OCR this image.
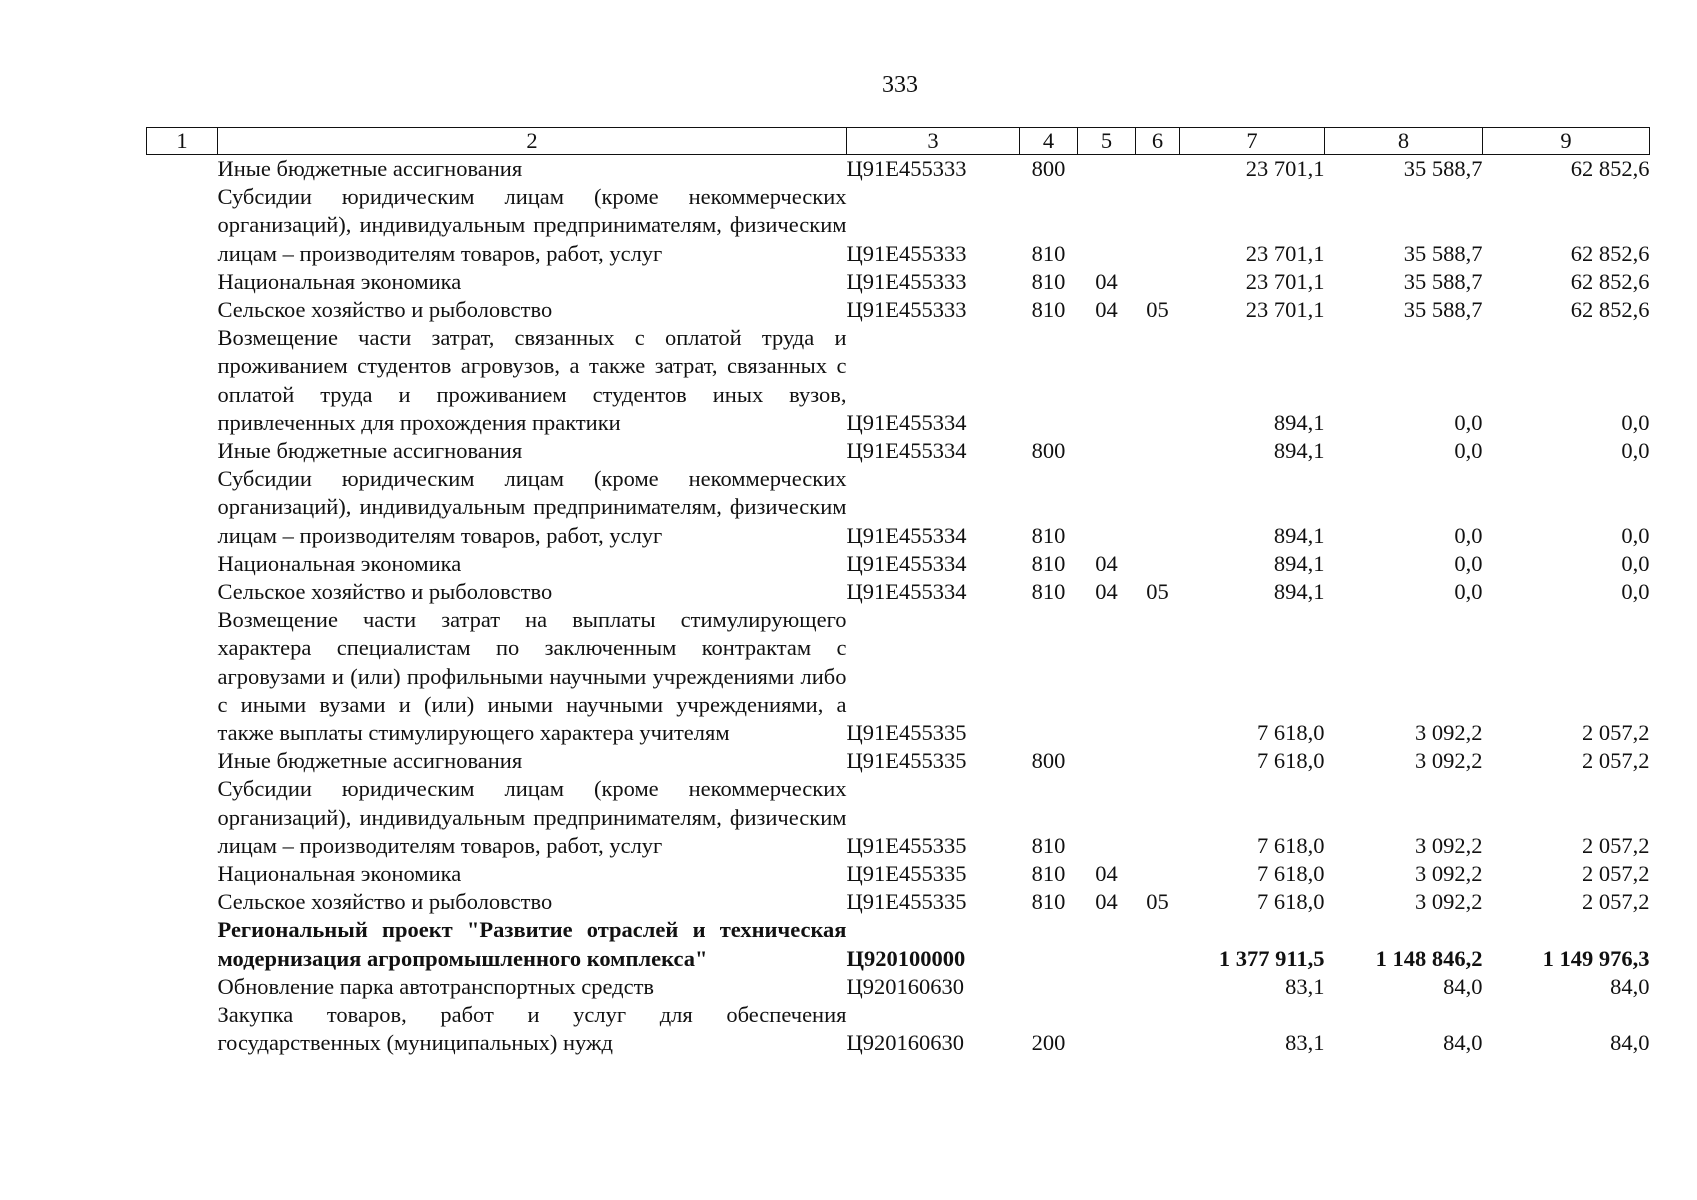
333
1	2	3	4	5	6	7	8	9
	Иные бюджетные ассигнования	Ц91Е455333	800			23 701,1	35 588,7	62 852,6
	Субсидии юридическим лицам (кроме некоммерческих организаций), индивидуальным предпринимателям, физическим лицам – производителям товаров, работ, услуг	Ц91Е455333	810			23 701,1	35 588,7	62 852,6
	Национальная экономика	Ц91Е455333	810	04		23 701,1	35 588,7	62 852,6
	Сельское хозяйство и рыболовство	Ц91Е455333	810	04	05	23 701,1	35 588,7	62 852,6
	Возмещение части затрат, связанных с оплатой труда и проживанием студентов агровузов, а также затрат, связанных с оплатой труда и проживанием студентов иных вузов, привлеченных для прохождения практики	Ц91Е455334				894,1	0,0	0,0
	Иные бюджетные ассигнования	Ц91Е455334	800			894,1	0,0	0,0
	Субсидии юридическим лицам (кроме некоммерческих организаций), индивидуальным предпринимателям, физическим лицам – производителям товаров, работ, услуг	Ц91Е455334	810			894,1	0,0	0,0
	Национальная экономика	Ц91Е455334	810	04		894,1	0,0	0,0
	Сельское хозяйство и рыболовство	Ц91Е455334	810	04	05	894,1	0,0	0,0
	Возмещение части затрат на выплаты стимулирующего характера специалистам по заключенным контрактам с агровузами и (или) профильными научными учреждениями либо с иными вузами и (или) иными научными учреждениями, а также выплаты стимулирующего характера учителям	Ц91Е455335				7 618,0	3 092,2	2 057,2
	Иные бюджетные ассигнования	Ц91Е455335	800			7 618,0	3 092,2	2 057,2
	Субсидии юридическим лицам (кроме некоммерческих организаций), индивидуальным предпринимателям, физическим лицам – производителям товаров, работ, услуг	Ц91Е455335	810			7 618,0	3 092,2	2 057,2
	Национальная экономика	Ц91Е455335	810	04		7 618,0	3 092,2	2 057,2
	Сельское хозяйство и рыболовство	Ц91Е455335	810	04	05	7 618,0	3 092,2	2 057,2
	Региональный проект "Развитие отраслей и техническая модернизация агропромышленного комплекса"	Ц920100000				1 377 911,5	1 148 846,2	1 149 976,3
	Обновление парка автотранспортных средств	Ц920160630				83,1	84,0	84,0
	Закупка товаров, работ и услуг для обеспечения государственных (муниципальных) нужд	Ц920160630	200			83,1	84,0	84,0
